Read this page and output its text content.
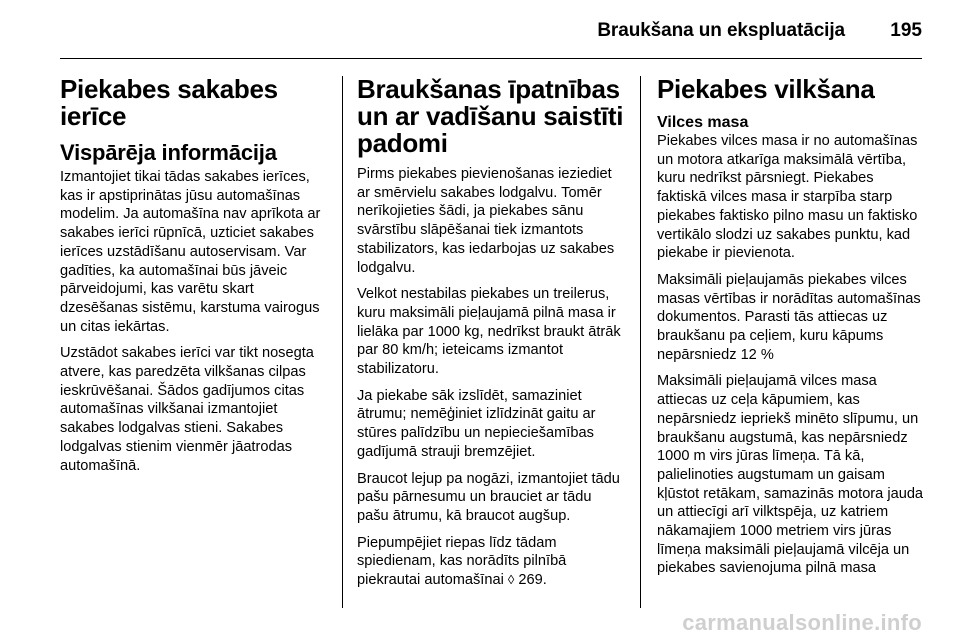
Braukšana un ekspluatācija 195
Piekabes sakabes ierīce
Vispārēja informācija

Izmantojiet tikai tādas sakabes ierīces, kas ir apstiprinātas jūsu automašīnas modelim. Ja automašīna nav aprīkota ar sakabes ierīci rūpnīcā, uzticiet sakabes ierīces uzstādīšanu autoservisam. Var gadīties, ka automašīnai būs jāveic pārveidojumi, kas varētu skart dzesēšanas sistēmu, karstuma vairogus un citas iekārtas.

Uzstādot sakabes ierīci var tikt nosegta atvere, kas paredzēta vilkšanas cilpas ieskrūvēšanai. Šādos gadījumos citas automašīnas vilkšanai izmantojiet sakabes lodgalvas stieni. Sakabes lodgalvas stienim vienmēr jāatrodas automašīnā.

Braukšanas īpatnības un ar vadīšanu saistīti padomi

Pirms piekabes pievienošanas ieziediet ar smērvielu sakabes lodgalvu. Tomēr nerīkojieties šādi, ja piekabes sānu svārstību slāpēšanai tiek izmantots stabilizators, kas iedarbojas uz sakabes lodgalvu.

Velkot nestabilas piekabes un treilerus, kuru maksimāli pieļaujamā pilnā masa ir lielāka par 1000 kg, nedrīkst braukt ātrāk par 80 km/h; ieteicams izmantot stabilizatoru.

Ja piekabe sāk izslīdēt, samaziniet ātrumu; nemēģiniet izlīdzināt gaitu ar stūres palīdzību un nepieciešamības gadījumā strauji bremzējiet.

Braucot lejup pa nogāzi, izmantojiet tādu pašu pārnesumu un brauciet ar tādu pašu ātrumu, kā braucot augšup.

Piepumpējiet riepas līdz tādam spiedienam, kas norādīts pilnībā piekrautai automašīnai ◊ 269.

Piekabes vilkšana
Vilces masa

Piekabes vilces masa ir no automašīnas un motora atkarīga maksimālā vērtība, kuru nedrīkst pārsniegt. Piekabes faktiskā vilces masa ir starpība starp piekabes faktisko pilno masu un faktisko vertikālo slodzi uz sakabes punktu, kad piekabe ir pievienota.

Maksimāli pieļaujamās piekabes vilces masas vērtības ir norādītas automašīnas dokumentos. Parasti tās attiecas uz braukšanu pa ceļiem, kuru kāpums nepārsniedz 12 %

Maksimāli pieļaujamā vilces masa attiecas uz ceļa kāpumiem, kas nepārsniedz iepriekš minēto slīpumu, un braukšanu augstumā, kas nepārsniedz 1000 m virs jūras līmeņa. Tā kā, palielinoties augstumam un gaisam kļūstot retākam, samazinās motora jauda un attiecīgi arī vilktspēja, uz katriem nākamajiem 1000 metriem virs jūras līmeņa maksimāli pieļaujamā vilcēja un piekabes savienojuma pilnā masa

carmanualsonline.info
